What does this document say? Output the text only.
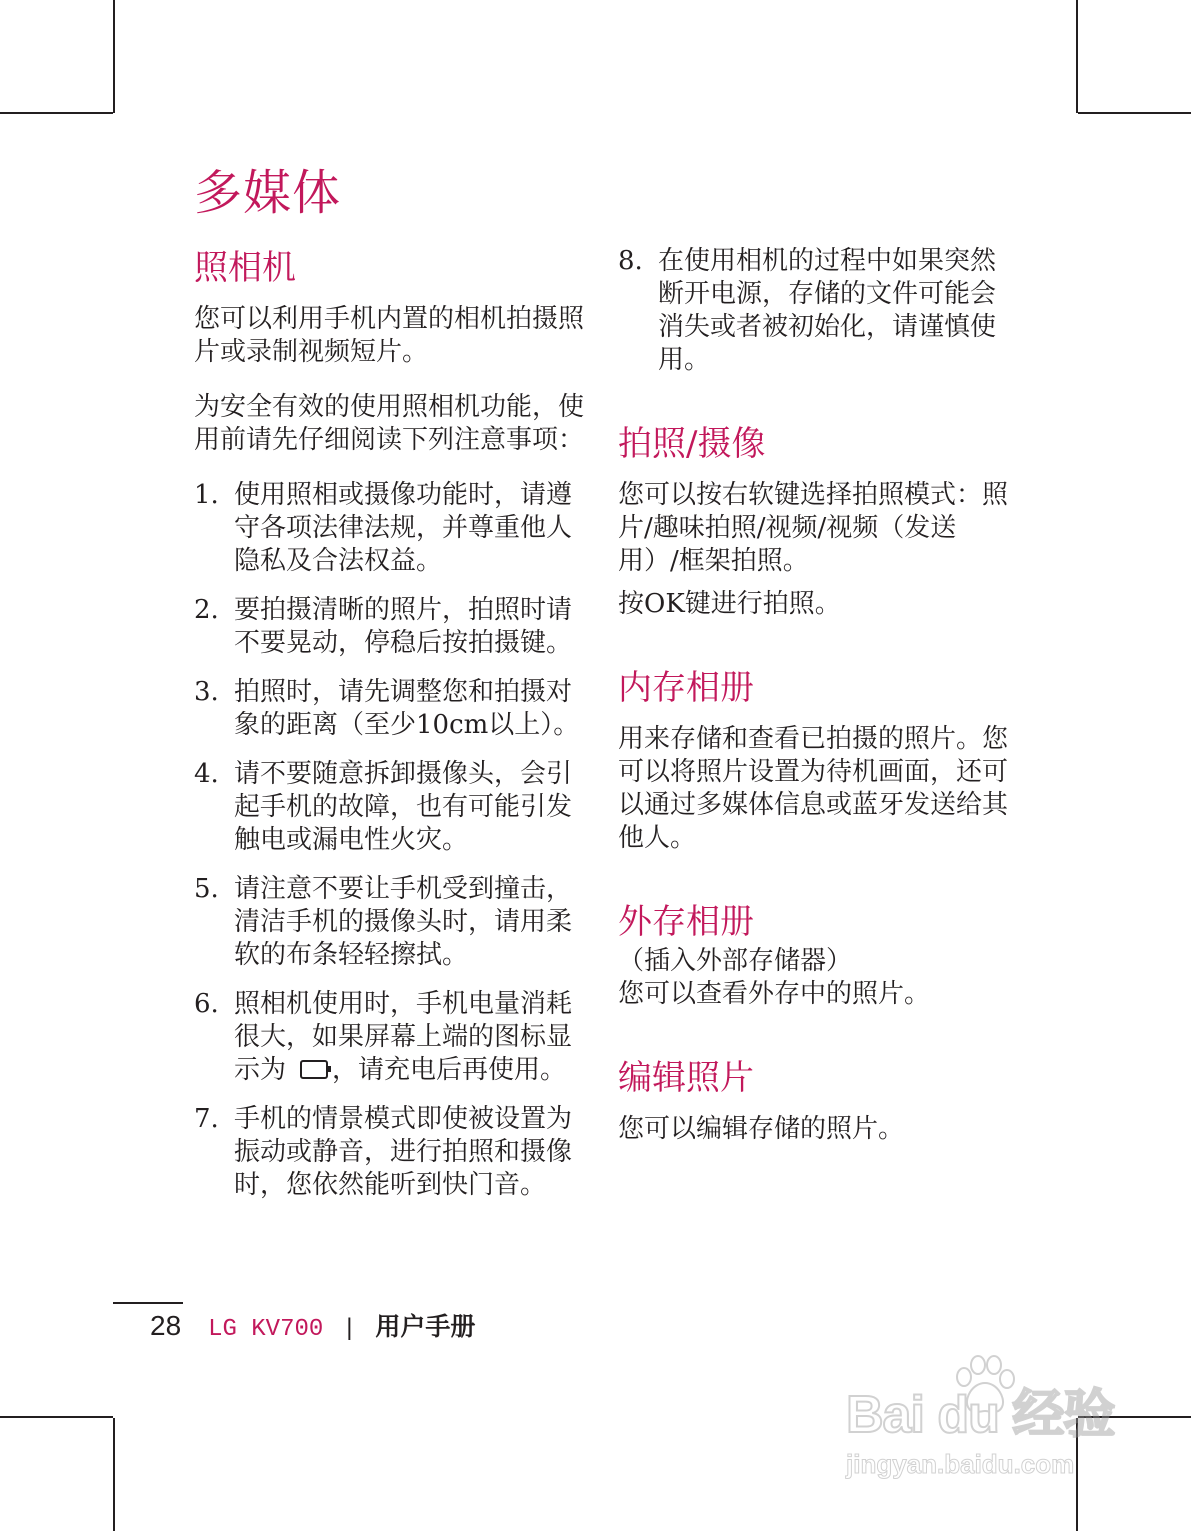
多媒体
照相机

您可以利用手机内置的相机拍摄照片或录制视频短片。

为安全有效的使用照相机功能，使用前请先仔细阅读下列注意事项：

1. 使用照相或摄像功能时，请遵守各项法律法规，并尊重他人隐私及合法权益。
2. 要拍摄清晰的照片，拍照时请不要晃动，停稳后按拍摄键。
3. 拍照时，请先调整您和拍摄对象的距离（至少10cm以上）。
4. 请不要随意拆卸摄像头，会引起手机的故障，也有可能引发触电或漏电性火灾。
5. 请注意不要让手机受到撞击，清洁手机的摄像头时，请用柔软的布条轻轻擦拭。
6. 照相机使用时，手机电量消耗很大，如果屏幕上端的图标显示为 ，请充电后再使用。
7. 手机的情景模式即使被设置为振动或静音，进行拍照和摄像时，您依然能听到快门音。
8. 在使用相机的过程中如果突然断开电源，存储的文件可能会消失或者被初始化，请谨慎使用。
拍照/摄像

您可以按右软键选择拍照模式：照片/趣味拍照/视频/视频（发送用）/框架拍照。

按OK键进行拍照。

内存相册

用来存储和查看已拍摄的照片。您可以将照片设置为待机画面，还可以通过多媒体信息或蓝牙发送给其他人。

外存相册

（插入外部存储器）

您可以查看外存中的照片。

编辑照片

您可以编辑存储的照片。

28 LG KV700 | 用户手册
Bai du 经验
jingyan.baidu.com
